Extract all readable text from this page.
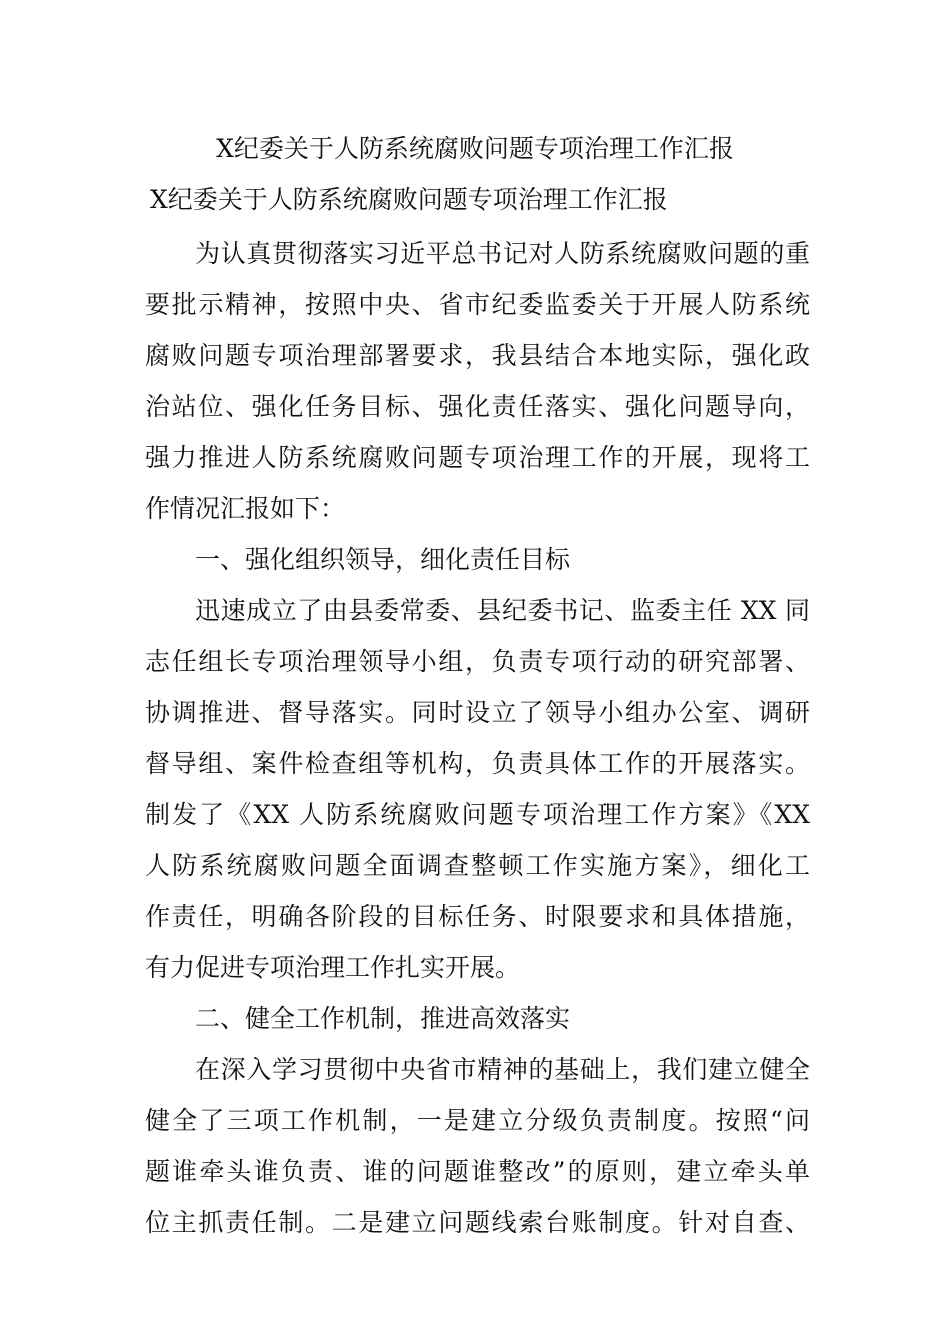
X纪委关于人防系统腐败问题专项治理工作汇报
X纪委关于人防系统腐败问题专项治理工作汇报
为认真贯彻落实习近平总书记对人防系统腐败问题的重
要批示精神，按照中央、省市纪委监委关于开展人防系统
腐败问题专项治理部署要求，我县结合本地实际，强化政
治站位、强化任务目标、强化责任落实、强化问题导向，
强力推进人防系统腐败问题专项治理工作的开展，现将工
作情况汇报如下：
一、强化组织领导，细化责任目标
迅速成立了由县委常委、县纪委书记、监委主任 XX 同
志任组长专项治理领导小组，负责专项行动的研究部署、
协调推进、督导落实。同时设立了领导小组办公室、调研
督导组、案件检查组等机构，负责具体工作的开展落实。
制发了《XX 人防系统腐败问题专项治理工作方案》《XX
人防系统腐败问题全面调查整顿工作实施方案》，细化工
作责任，明确各阶段的目标任务、时限要求和具体措施，
有力促进专项治理工作扎实开展。
二、健全工作机制，推进高效落实
在深入学习贯彻中央省市精神的基础上，我们建立健全
健全了三项工作机制，一是建立分级负责制度。按照“问
题谁牵头谁负责、谁的问题谁整改”的原则，建立牵头单
位主抓责任制。二是建立问题线索台账制度。针对自查、
